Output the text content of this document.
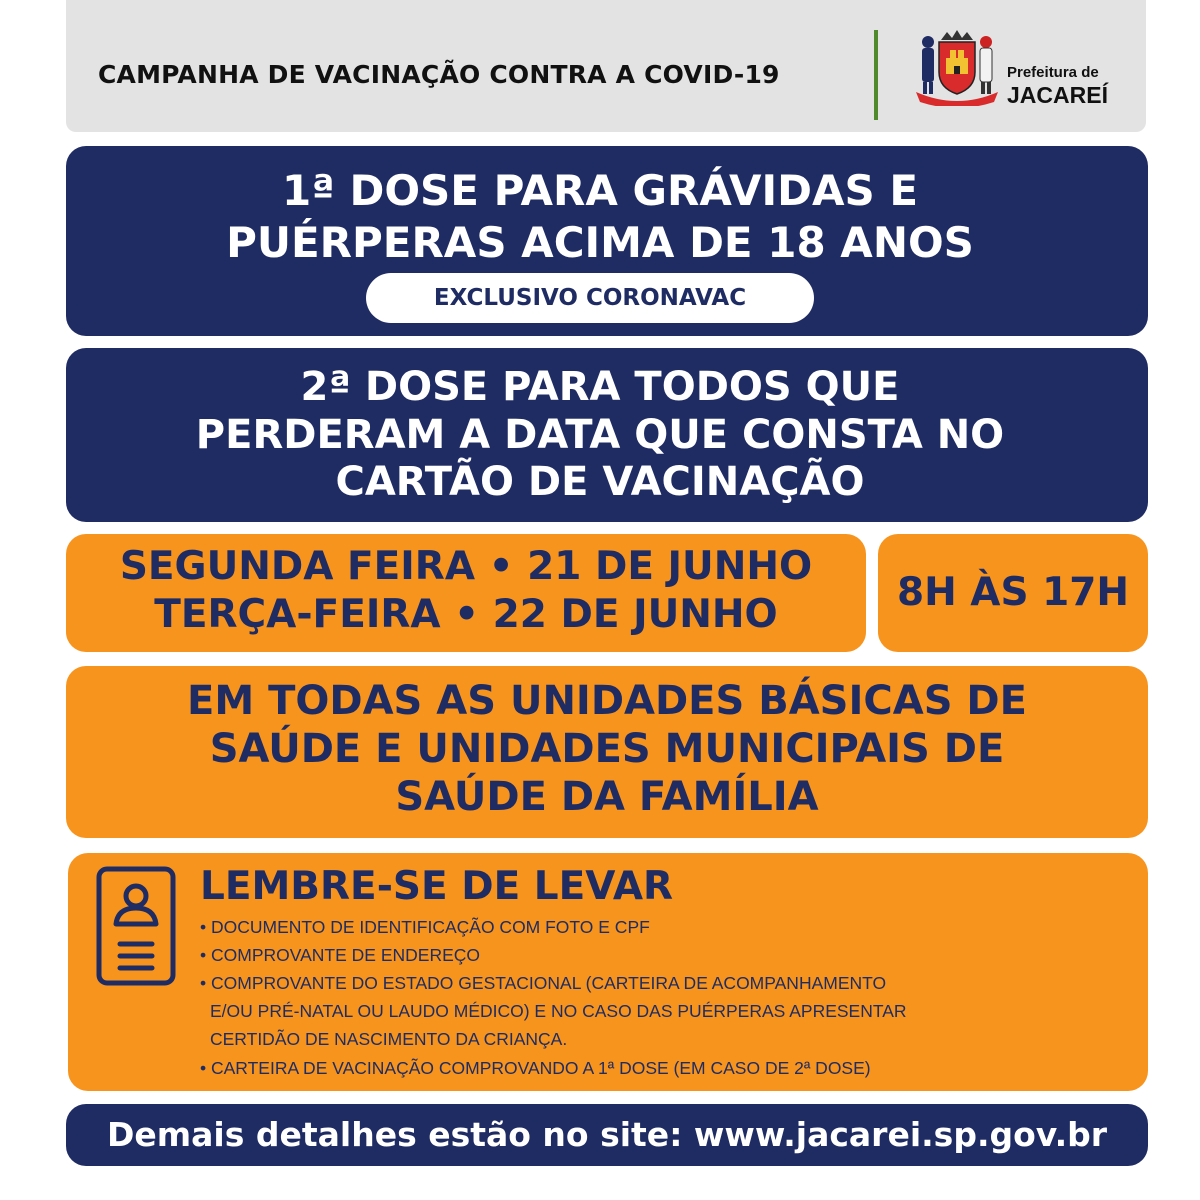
CAMPANHA DE VACINAÇÃO CONTRA A COVID-19	Prefeitura de
JACAREÍ
1ª DOSE PARA GRÁVIDAS E
PUÉRPERAS ACIMA DE 18 ANOS
EXCLUSIVO CORONAVAC
2ª DOSE PARA TODOS QUE
PERDERAM A DATA QUE CONSTA NO
CARTÃO DE VACINAÇÃO
SEGUNDA FEIRA • 21 DE JUNHO
TERÇA-FEIRA • 22 DE JUNHO	8H ÀS 17H
EM TODAS AS UNIDADES BÁSICAS DE
SAÚDE E UNIDADES MUNICIPAIS DE
SAÚDE DA FAMÍLIA
LEMBRE-SE DE LEVAR
• DOCUMENTO DE IDENTIFICAÇÃO COM FOTO E CPF
• COMPROVANTE DE ENDEREÇO
• COMPROVANTE DO ESTADO GESTACIONAL (CARTEIRA DE ACOMPANHAMENTO
E/OU PRÉ-NATAL OU LAUDO MÉDICO) E NO CASO DAS PUÉRPERAS APRESENTAR
CERTIDÃO DE NASCIMENTO DA CRIANÇA.
• CARTEIRA DE VACINAÇÃO COMPROVANDO A 1ª DOSE (EM CASO DE 2ª DOSE)
Demais detalhes estão no site: www.jacarei.sp.gov.br
